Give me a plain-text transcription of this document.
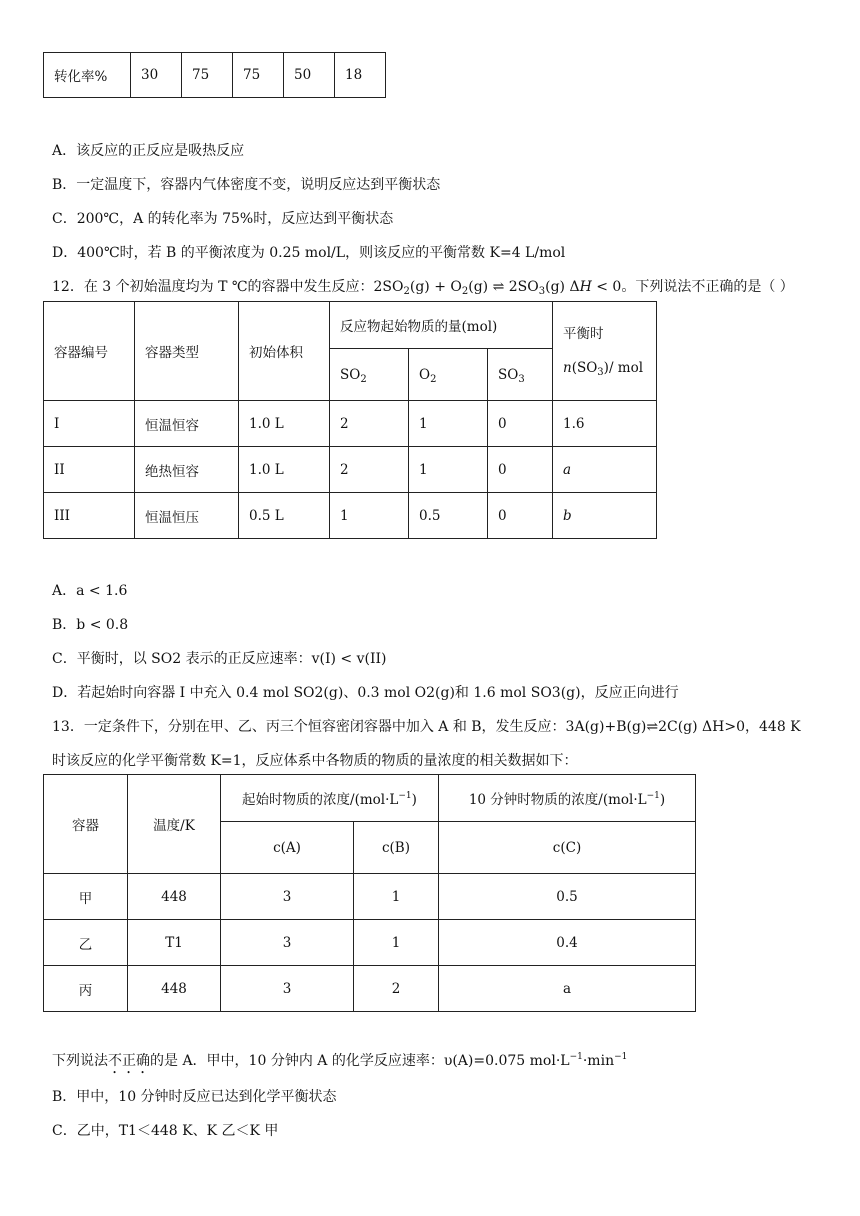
转化率%	30	75	75	50	18
A．该反应的正反应是吸热反应
B．一定温度下，容器内气体密度不变，说明反应达到平衡状态
C．200℃，A 的转化率为 75%时，反应达到平衡状态
D．400℃时，若 B 的平衡浓度为 0.25 mol/L，则该反应的平衡常数 K=4 L/mol
12．在 3 个初始温度均为 T ℃的容器中发生反应：$2SO_2(g) + O_2(g)$ ⇌ $2SO_3(g) \Delta H < 0$。下列说法不正确的是（ ）
容器编号	容器类型	初始体积	反应物起始物质的量(mol)			平衡时
$n(SO_3)/$ mol

			$SO_2$	$O_2$	$SO_3$
I	恒温恒容	1.0 L	2	1	0	1.6
II	绝热恒容	1.0 L	2	1	0	a
III	恒温恒压	0.5 L	1	0.5	0	b
A．a < 1.6
B．b < 0.8
C．平衡时，以 SO2 表示的正反应速率：v(I) < v(II)
D．若起始时向容器 I 中充入 0.4 mol SO2(g)、0.3 mol O2(g)和 1.6 mol SO3(g)，反应正向进行
13．一定条件下，分别在甲、乙、丙三个恒容密闭容器中加入 A 和 B，发生反应：3A(g)+B(g)⇌2C(g) ΔH>0，448 K
时该反应的化学平衡常数 K=1，反应体系中各物质的物质的量浓度的相关数据如下：
容器	温度/K	起始时物质的浓度$/(mol\cdot L^{-1})$		10 分钟时物质的浓度$/(mol\cdot L^{-1})$
		c(A)	c(B)	c(C)
甲	448	3	1	0.5
乙	T1	3	1	0.4
丙	448	3	2	a
下列说法不正确的是 A．甲中，10 分钟内 A 的化学反应速率：υ(A)=0.075 $mol\cdot L^{-1}\cdot\min^{-1}$
B．甲中，10 分钟时反应已达到化学平衡状态
C．乙中，T1＜448 K、K 乙＜K 甲
